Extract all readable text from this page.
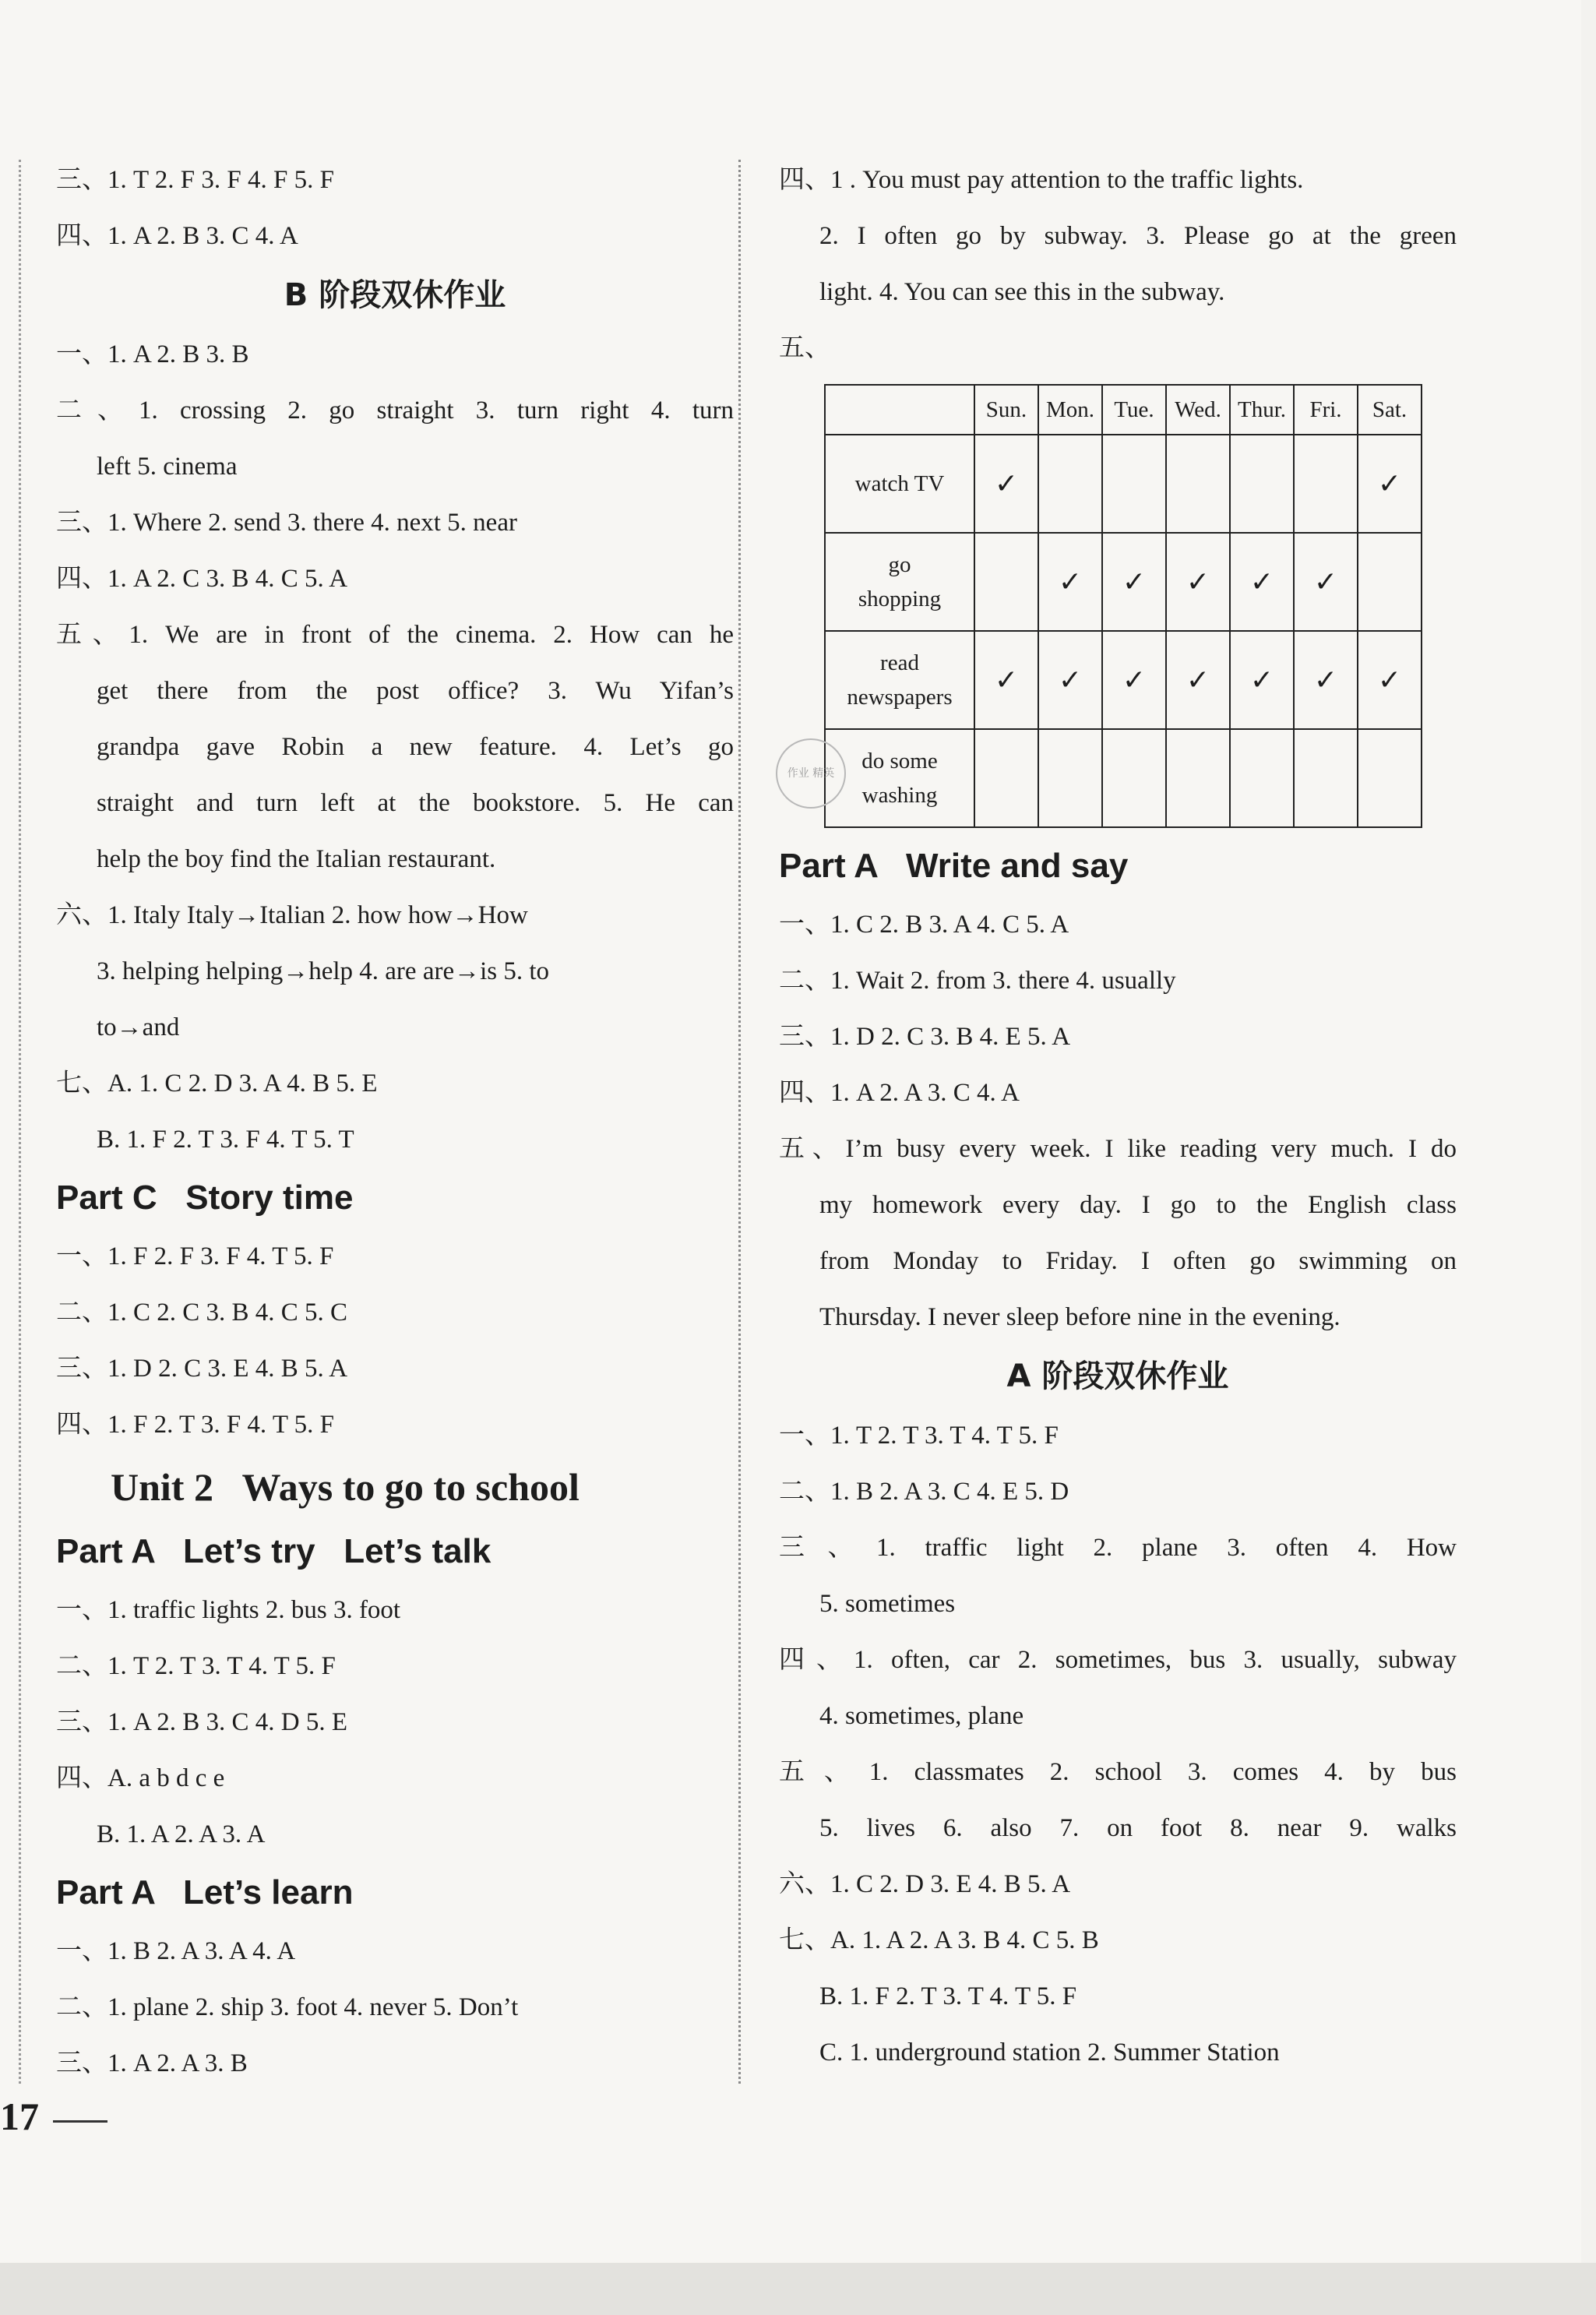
三、1. T 2. F 3. F 4. F 5. F
四、1. A 2. B 3. C 4. A
B 阶段双休作业
一、1. A 2. B 3. B
二、1. crossing 2. go straight 3. turn right 4. turn
left 5. cinema
三、1. Where 2. send 3. there 4. next 5. near
四、1. A 2. C 3. B 4. C 5. A
五、1. We are in front of the cinema. 2. How can he
get there from the post office? 3. Wu Yifan’s
grandpa gave Robin a new feature. 4. Let’s go
straight and turn left at the bookstore. 5. He can
help the boy find the Italian restaurant.
六、1. Italy Italy→Italian 2. how how→How
3. helping helping→help 4. are are→is 5. to
to→and
七、A. 1. C 2. D 3. A 4. B 5. E
B. 1. F 2. T 3. F 4. T 5. T
Part C   Story time
一、1. F 2. F 3. F 4. T 5. F
二、1. C 2. C 3. B 4. C 5. C
三、1. D 2. C 3. E 4. B 5. A
四、1. F 2. T 3. F 4. T 5. F
Unit 2   Ways to go to school
Part A   Let’s try   Let’s talk
一、1. traffic lights 2. bus 3. foot
二、1. T 2. T 3. T 4. T 5. F
三、1. A 2. B 3. C 4. D 5. E
四、A. a b d c e
B. 1. A 2. A 3. A
Part A   Let’s learn
一、1. B 2. A 3. A 4. A
二、1. plane 2. ship 3. foot 4. never 5. Don’t
三、1. A 2. A 3. B
四、1 . You must pay attention to the traffic lights.
2. I often go by subway. 3. Please go at the green
light. 4. You can see this in the subway.
五、
	Sun.	Mon.	Tue.	Wed.	Thur.	Fri.	Sat.

watch TV	✓						✓

go
shopping		✓	✓	✓	✓	✓	

read
newspapers	✓	✓	✓	✓	✓	✓	✓

do some
washing							

Part A   Write and say
一、1. C 2. B 3. A 4. C 5. A
二、1. Wait 2. from 3. there 4. usually
三、1. D 2. C 3. B 4. E 5. A
四、1. A 2. A 3. C 4. A
五、I’m busy every week. I like reading very much. I do
my homework every day. I go to the English class
from Monday to Friday. I often go swimming on
Thursday. I never sleep before nine in the evening.
A 阶段双休作业
一、1. T 2. T 3. T 4. T 5. F
二、1. B 2. A 3. C 4. E 5. D
三、1. traffic light 2. plane 3. often 4. How
5. sometimes
四、1. often, car 2. sometimes, bus 3. usually, subway
4. sometimes, plane
五、1. classmates 2. school 3. comes 4. by bus
5. lives 6. also 7. on foot 8. near 9. walks
六、1. C 2. D 3. E 4. B 5. A
七、A. 1. A 2. A 3. B 4. C 5. B
B. 1. F 2. T 3. T 4. T 5. F
C. 1. underground station 2. Summer Station
作业 精英
17
